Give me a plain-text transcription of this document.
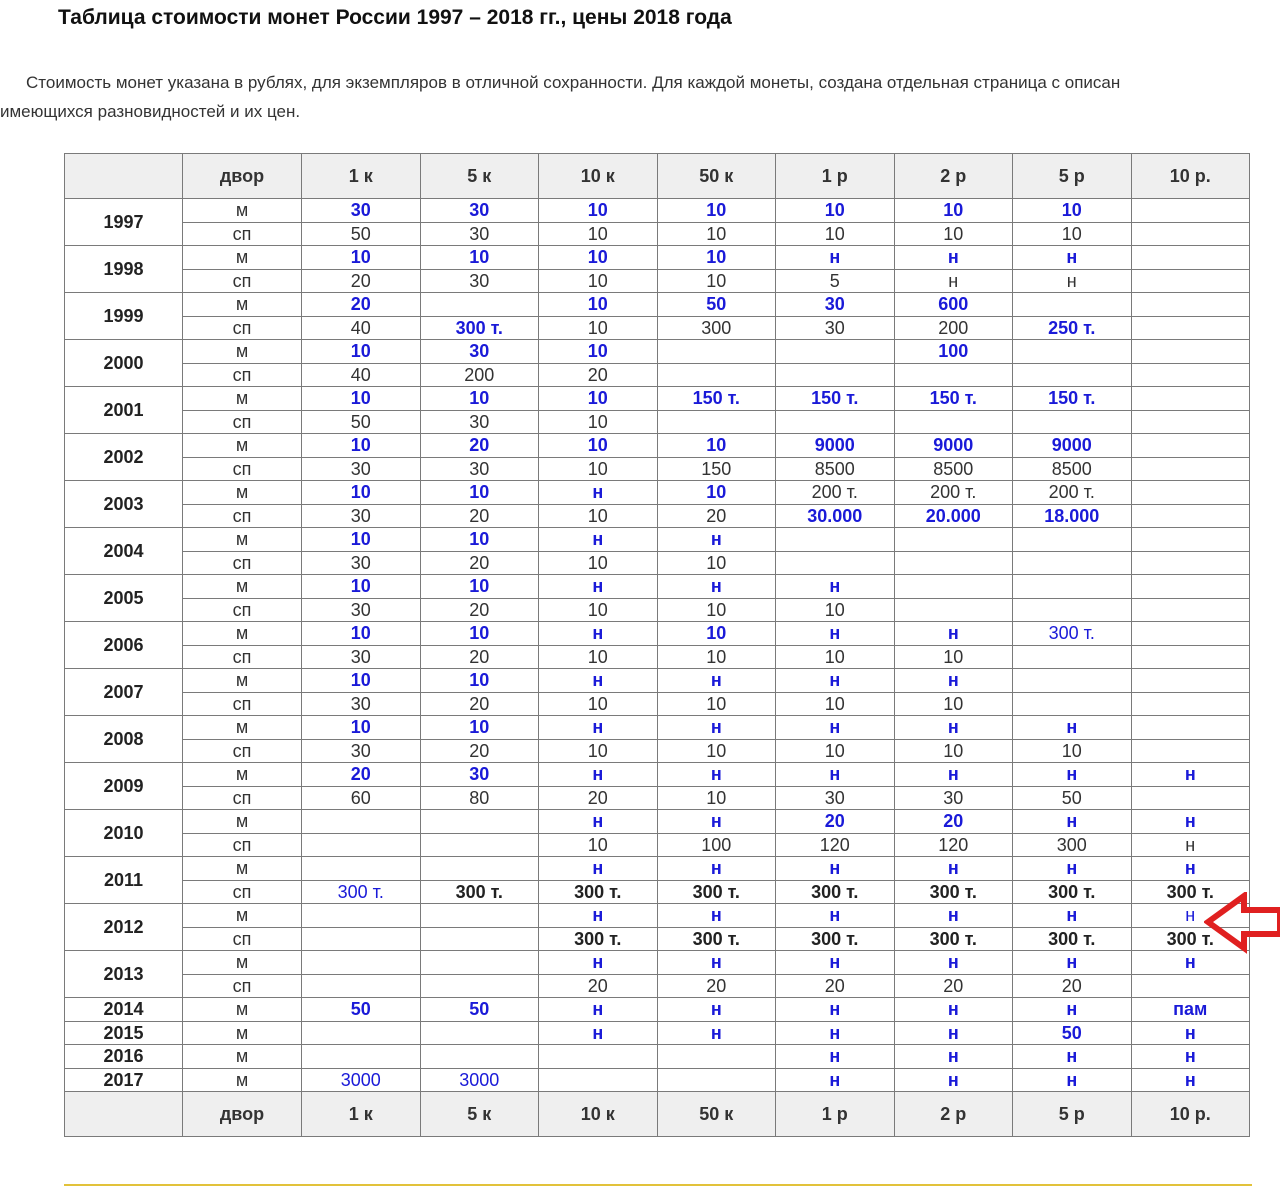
Таблица стоимости монет России 1997 – 2018 гг., цены 2018 года
Стоимость монет указана в рублях, для экземпляров в отличной сохранности. Для каждой монеты, создана отдельная страница с описан
имеющихся разновидностей и их цен.
	двор	1 к	5 к	10 к	50 к	1 р	2 р	5 р	10 р.
1997	м	30	30	10	10	10	10	10	
	сп	50	30	10	10	10	10	10	
1998	м	10	10	10	10	н	н	н	
	сп	20	30	10	10	5	н	н	
1999	м	20		10	50	30	600		
	сп	40	300 т.	10	300	30	200	250 т.	
2000	м	10	30	10			100		
	сп	40	200	20					
2001	м	10	10	10	150 т.	150 т.	150 т.	150 т.	
	сп	50	30	10					
2002	м	10	20	10	10	9000	9000	9000	
	сп	30	30	10	150	8500	8500	8500	
2003	м	10	10	н	10	200 т.	200 т.	200 т.	
	сп	30	20	10	20	30.000	20.000	18.000	
2004	м	10	10	н	н				
	сп	30	20	10	10				
2005	м	10	10	н	н	н			
	сп	30	20	10	10	10			
2006	м	10	10	н	10	н	н	300 т.	
	сп	30	20	10	10	10	10		
2007	м	10	10	н	н	н	н		
	сп	30	20	10	10	10	10		
2008	м	10	10	н	н	н	н	н	
	сп	30	20	10	10	10	10	10	
2009	м	20	30	н	н	н	н	н	н
	сп	60	80	20	10	30	30	50	
2010	м			н	н	20	20	н	н
	сп			10	100	120	120	300	н
2011	м			н	н	н	н	н	н
	сп	300 т.	300 т.	300 т.	300 т.	300 т.	300 т.	300 т.	300 т.
2012	м			н	н	н	н	н	н
	сп			300 т.	300 т.	300 т.	300 т.	300 т.	300 т.
2013	м			н	н	н	н	н	н
	сп			20	20	20	20	20	
2014	м	50	50	н	н	н	н	н	пам
2015	м			н	н	н	н	50	н
2016	м					н	н	н	н
2017	м	3000	3000			н	н	н	н
	двор	1 к	5 к	10 к	50 к	1 р	2 р	5 р	10 р.
